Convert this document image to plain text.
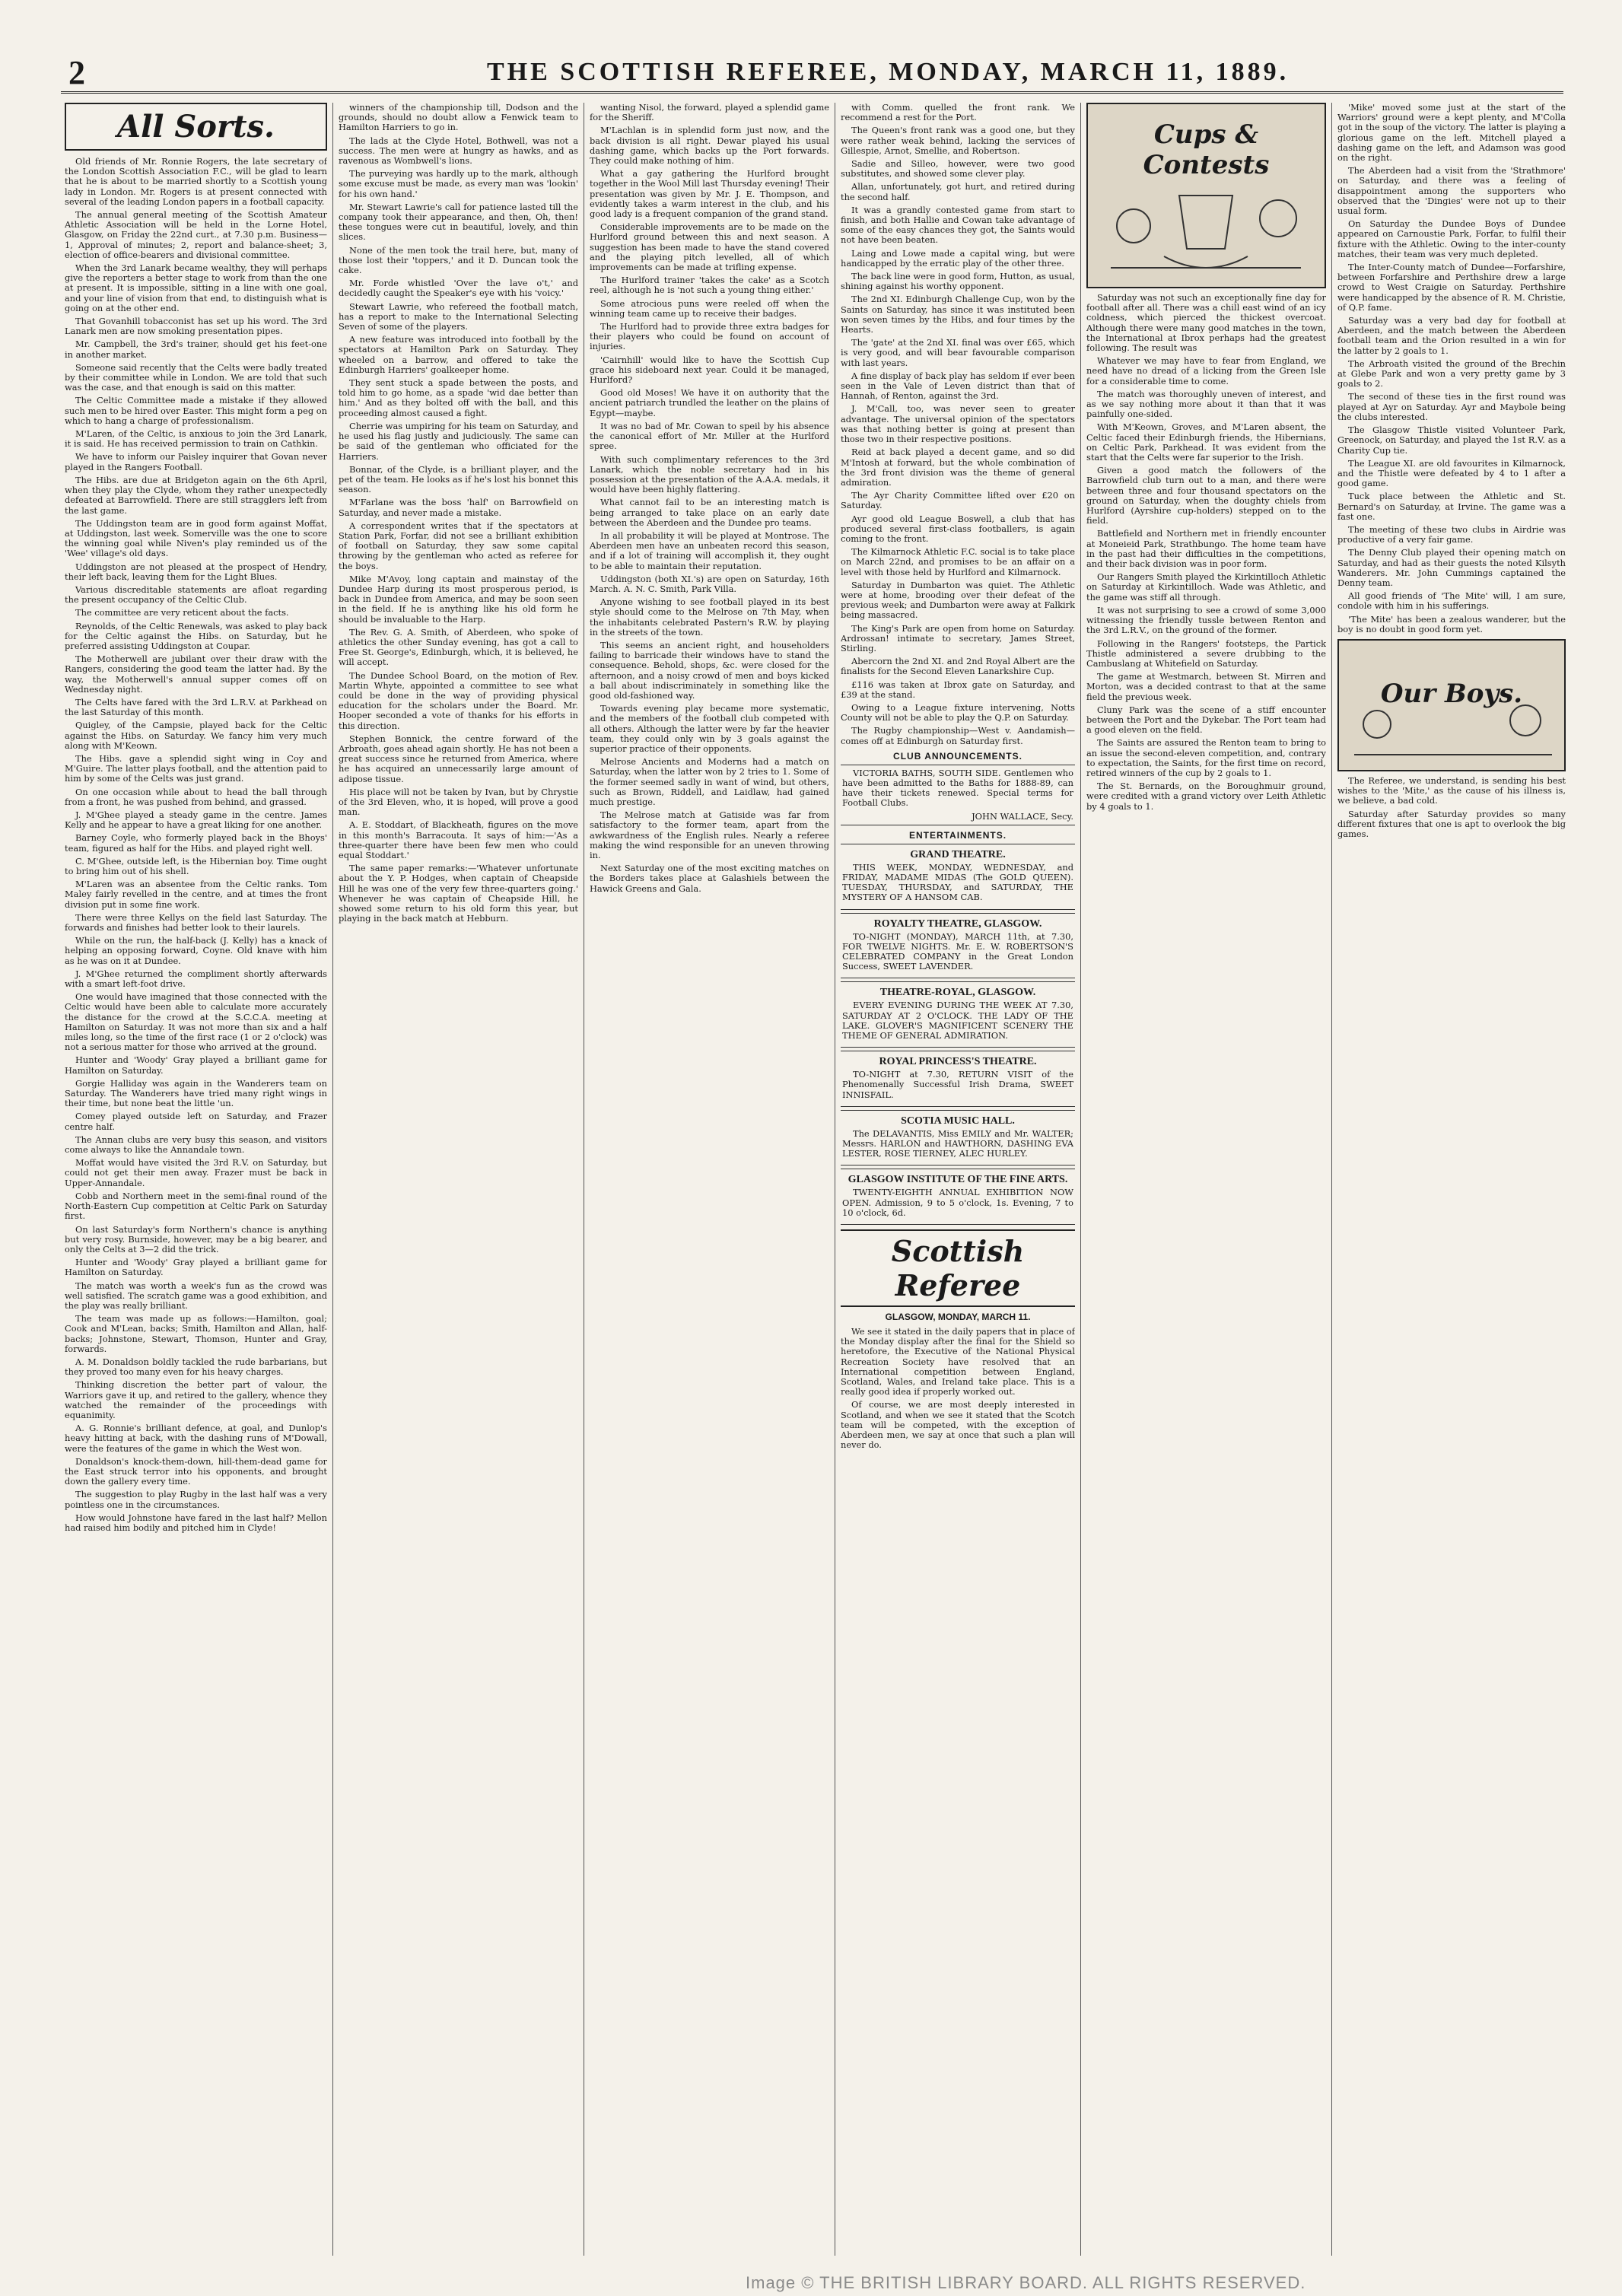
2	THE SCOTTISH REFEREE, MONDAY, MARCH 11, 1889.
All Sorts.

Old friends of Mr. Ronnie Rogers, the late secretary of the London Scottish Association F.C., will be glad to learn that he is about to be married shortly to a Scottish young lady in London. Mr. Rogers is at present connected with several of the leading London papers in a football capacity.

The annual general meeting of the Scottish Amateur Athletic Association will be held in the Lorne Hotel, Glasgow, on Friday the 22nd curt., at 7.30 p.m. Business—1, Approval of minutes; 2, report and balance-sheet; 3, election of office-bearers and divisional committee.

When the 3rd Lanark became wealthy, they will perhaps give the reporters a better stage to work from than the one at present. It is impossible, sitting in a line with one goal, and your line of vision from that end, to distinguish what is going on at the other end.

That Govanhill tobacconist has set up his word. The 3rd Lanark men are now smoking presentation pipes.

Mr. Campbell, the 3rd's trainer, should get his feet-one in another market.

Someone said recently that the Celts were badly treated by their committee while in London. We are told that such was the case, and that enough is said on this matter.

The Celtic Committee made a mistake if they allowed such men to be hired over Easter. This might form a peg on which to hang a charge of professionalism.

M'Laren, of the Celtic, is anxious to join the 3rd Lanark, it is said. He has received permission to train on Cathkin.

We have to inform our Paisley inquirer that Govan never played in the Rangers Football.

The Hibs. are due at Bridgeton again on the 6th April, when they play the Clyde, whom they rather unexpectedly defeated at Barrowfield. There are still stragglers left from the last game.

The Uddingston team are in good form against Moffat, at Uddingston, last week. Somerville was the one to score the winning goal while Niven's play reminded us of the 'Wee' village's old days.

Uddingston are not pleased at the prospect of Hendry, their left back, leaving them for the Light Blues.

Various discreditable statements are afloat regarding the present occupancy of the Celtic Club.

The committee are very reticent about the facts.

Reynolds, of the Celtic Renewals, was asked to play back for the Celtic against the Hibs. on Saturday, but he preferred assisting Uddingston at Coupar.

The Motherwell are jubilant over their draw with the Rangers, considering the good team the latter had. By the way, the Motherwell's annual supper comes off on Wednesday night.

The Celts have fared with the 3rd L.R.V. at Parkhead on the last Saturday of this month.

Quigley, of the Campsie, played back for the Celtic against the Hibs. on Saturday. We fancy him very much along with M'Keown.

The Hibs. gave a splendid sight wing in Coy and M'Guire. The latter plays football, and the attention paid to him by some of the Celts was just grand.

On one occasion while about to head the ball through from a front, he was pushed from behind, and grassed.

J. M'Ghee played a steady game in the centre. James Kelly and he appear to have a great liking for one another.

Barney Coyle, who formerly played back in the Bhoys' team, figured as half for the Hibs. and played right well.

C. M'Ghee, outside left, is the Hibernian boy. Time ought to bring him out of his shell.

M'Laren was an absentee from the Celtic ranks. Tom Maley fairly revelled in the centre, and at times the front division put in some fine work.

There were three Kellys on the field last Saturday. The forwards and finishes had better look to their laurels.

While on the run, the half-back (J. Kelly) has a knack of helping an opposing forward, Coyne. Old knave with him as he was on it at Dundee.

J. M'Ghee returned the compliment shortly afterwards with a smart left-foot drive.

One would have imagined that those connected with the Celtic would have been able to calculate more accurately the distance for the crowd at the S.C.C.A. meeting at Hamilton on Saturday. It was not more than six and a half miles long, so the time of the first race (1 or 2 o'clock) was not a serious matter for those who arrived at the ground.

Hunter and 'Woody' Gray played a brilliant game for Hamilton on Saturday.

Gorgie Halliday was again in the Wanderers team on Saturday. The Wanderers have tried many right wings in their time, but none beat the little 'un.

Comey played outside left on Saturday, and Frazer centre half.

The Annan clubs are very busy this season, and visitors come always to like the Annandale town.

Moffat would have visited the 3rd R.V. on Saturday, but could not get their men away. Frazer must be back in Upper-Annandale.

Cobb and Northern meet in the semi-final round of the North-Eastern Cup competition at Celtic Park on Saturday first.

On last Saturday's form Northern's chance is anything but very rosy. Burnside, however, may be a big bearer, and only the Celts at 3—2 did the trick.

Hunter and 'Woody' Gray played a brilliant game for Hamilton on Saturday.

The match was worth a week's fun as the crowd was well satisfied. The scratch game was a good exhibition, and the play was really brilliant.

The team was made up as follows:—Hamilton, goal; Cook and M'Lean, backs; Smith, Hamilton and Allan, half-backs; Johnstone, Stewart, Thomson, Hunter and Gray, forwards.

A. M. Donaldson boldly tackled the rude barbarians, but they proved too many even for his heavy charges.

Thinking discretion the better part of valour, the Warriors gave it up, and retired to the gallery, whence they watched the remainder of the proceedings with equanimity.

A. G. Ronnie's brilliant defence, at goal, and Dunlop's heavy hitting at back, with the dashing runs of M'Dowall, were the features of the game in which the West won.

Donaldson's knock-them-down, hill-them-dead game for the East struck terror into his opponents, and brought down the gallery every time.

The suggestion to play Rugby in the last half was a very pointless one in the circumstances.

How would Johnstone have fared in the last half? Mellon had raised him bodily and pitched him in Clyde!

winners of the championship till, Dodson and the grounds, should no doubt allow a Fenwick team to Hamilton Harriers to go in.

The lads at the Clyde Hotel, Bothwell, was not a success. The men were at hungry as hawks, and as ravenous as Wombwell's lions.

The purveying was hardly up to the mark, although some excuse must be made, as every man was 'lookin' for his own hand.'

Mr. Stewart Lawrie's call for patience lasted till the company took their appearance, and then, Oh, then! these tongues were cut in beautiful, lovely, and thin slices.

None of the men took the trail here, but, many of those lost their 'toppers,' and it D. Duncan took the cake.

Mr. Forde whistled 'Over the lave o't,' and decidedly caught the Speaker's eye with his 'voicy.'

Stewart Lawrie, who refereed the football match, has a report to make to the International Selecting Seven of some of the players.

A new feature was introduced into football by the spectators at Hamilton Park on Saturday. They wheeled on a barrow, and offered to take the Edinburgh Harriers' goalkeeper home.

They sent stuck a spade between the posts, and told him to go home, as a spade 'wid dae better than him.' And as they bolted off with the ball, and this proceeding almost caused a fight.

Cherrie was umpiring for his team on Saturday, and he used his flag justly and judiciously. The same can be said of the gentleman who officiated for the Harriers.

Bonnar, of the Clyde, is a brilliant player, and the pet of the team. He looks as if he's lost his bonnet this season.

M'Farlane was the boss 'half' on Barrowfield on Saturday, and never made a mistake.

A correspondent writes that if the spectators at Station Park, Forfar, did not see a brilliant exhibition of football on Saturday, they saw some capital throwing by the gentleman who acted as referee for the boys.

Mike M'Avoy, long captain and mainstay of the Dundee Harp during its most prosperous period, is back in Dundee from America, and may be soon seen in the field. If he is anything like his old form he should be invaluable to the Harp.

The Rev. G. A. Smith, of Aberdeen, who spoke of athletics the other Sunday evening, has got a call to Free St. George's, Edinburgh, which, it is believed, he will accept.

The Dundee School Board, on the motion of Rev. Martin Whyte, appointed a committee to see what could be done in the way of providing physical education for the scholars under the Board. Mr. Hooper seconded a vote of thanks for his efforts in this direction.

Stephen Bonnick, the centre forward of the Arbroath, goes ahead again shortly. He has not been a great success since he returned from America, where he has acquired an unnecessarily large amount of adipose tissue.

His place will not be taken by Ivan, but by Chrystie of the 3rd Eleven, who, it is hoped, will prove a good man.

A. E. Stoddart, of Blackheath, figures on the move in this month's Barracouta. It says of him:—'As a three-quarter there have been few men who could equal Stoddart.'

The same paper remarks:—'Whatever unfortunate about the Y. P. Hodges, when captain of Cheapside Hill he was one of the very few three-quarters going.' Whenever he was captain of Cheapside Hill, he showed some return to his old form this year, but playing in the back match at Hebburn.

wanting Nisol, the forward, played a splendid game for the Sheriff.

M'Lachlan is in splendid form just now, and the back division is all right. Dewar played his usual dashing game, which backs up the Port forwards. They could make nothing of him.

What a gay gathering the Hurlford brought together in the Wool Mill last Thursday evening! Their presentation was given by Mr. J. E. Thompson, and evidently takes a warm interest in the club, and his good lady is a frequent companion of the grand stand.

Considerable improvements are to be made on the Hurlford ground between this and next season. A suggestion has been made to have the stand covered and the playing pitch levelled, all of which improvements can be made at trifling expense.

The Hurlford trainer 'takes the cake' as a Scotch reel, although he is 'not such a young thing either.'

Some atrocious puns were reeled off when the winning team came up to receive their badges.

The Hurlford had to provide three extra badges for their players who could be found on account of injuries.

'Cairnhill' would like to have the Scottish Cup grace his sideboard next year. Could it be managed, Hurlford?

Good old Moses! We have it on authority that the ancient patriarch trundled the leather on the plains of Egypt—maybe.

It was no bad of Mr. Cowan to speil by his absence the canonical effort of Mr. Miller at the Hurlford spree.

With such complimentary references to the 3rd Lanark, which the noble secretary had in his possession at the presentation of the A.A.A. medals, it would have been highly flattering.

What cannot fail to be an interesting match is being arranged to take place on an early date between the Aberdeen and the Dundee pro teams.

In all probability it will be played at Montrose. The Aberdeen men have an unbeaten record this season, and if a lot of training will accomplish it, they ought to be able to maintain their reputation.

Uddingston (both XI.'s) are open on Saturday, 16th March. A. N. C. Smith, Park Villa.

Anyone wishing to see football played in its best style should come to the Melrose on 7th May, when the inhabitants celebrated Pastern's R.W. by playing in the streets of the town.

This seems an ancient right, and householders failing to barricade their windows have to stand the consequence. Behold, shops, &c. were closed for the afternoon, and a noisy crowd of men and boys kicked a ball about indiscriminately in something like the good old-fashioned way.

Towards evening play became more systematic, and the members of the football club competed with all others. Although the latter were by far the heavier team, they could only win by 3 goals against the superior practice of their opponents.

Melrose Ancients and Moderns had a match on Saturday, when the latter won by 2 tries to 1. Some of the former seemed sadly in want of wind, but others, such as Brown, Riddell, and Laidlaw, had gained much prestige.

The Melrose match at Gatiside was far from satisfactory to the former team, apart from the awkwardness of the English rules. Nearly a referee making the wind responsible for an uneven throwing in.

Next Saturday one of the most exciting matches on the Borders takes place at Galashiels between the Hawick Greens and Gala.

with Comm. quelled the front rank. We recommend a rest for the Port.

The Queen's front rank was a good one, but they were rather weak behind, lacking the services of Gillespie, Arnot, Smellie, and Robertson.

Sadie and Silleo, however, were two good substitutes, and showed some clever play.

Allan, unfortunately, got hurt, and retired during the second half.

It was a grandly contested game from start to finish, and both Hallie and Cowan take advantage of some of the easy chances they got, the Saints would not have been beaten.

Laing and Lowe made a capital wing, but were handicapped by the erratic play of the other three.

The back line were in good form, Hutton, as usual, shining against his worthy opponent.

The 2nd XI. Edinburgh Challenge Cup, won by the Saints on Saturday, has since it was instituted been won seven times by the Hibs, and four times by the Hearts.

The 'gate' at the 2nd XI. final was over £65, which is very good, and will bear favourable comparison with last years.

A fine display of back play has seldom if ever been seen in the Vale of Leven district than that of Hannah, of Renton, against the 3rd.

J. M'Call, too, was never seen to greater advantage. The universal opinion of the spectators was that nothing better is going at present than those two in their respective positions.

Reid at back played a decent game, and so did M'Intosh at forward, but the whole combination of the 3rd front division was the theme of general admiration.

The Ayr Charity Committee lifted over £20 on Saturday.

Ayr good old League Boswell, a club that has produced several first-class footballers, is again coming to the front.

The Kilmarnock Athletic F.C. social is to take place on March 22nd, and promises to be an affair on a level with those held by Hurlford and Kilmarnock.

Saturday in Dumbarton was quiet. The Athletic were at home, brooding over their defeat of the previous week; and Dumbarton were away at Falkirk being massacred.

The King's Park are open from home on Saturday. Ardrossan! intimate to secretary, James Street, Stirling.

Abercorn the 2nd XI. and 2nd Royal Albert are the finalists for the Second Eleven Lanarkshire Cup.

£116 was taken at Ibrox gate on Saturday, and £39 at the stand.

Owing to a League fixture intervening, Notts County will not be able to play the Q.P. on Saturday.

The Rugby championship—West v. Aandamish—comes off at Edinburgh on Saturday first.

CLUB ANNOUNCEMENTS.

VICTORIA BATHS, SOUTH SIDE. Gentlemen who have been admitted to the Baths for 1888-89, can have their tickets renewed. Special terms for Football Clubs.

JOHN WALLACE, Secy.
ENTERTAINMENTS.
GRAND THEATRE.

THIS WEEK, MONDAY, WEDNESDAY, and FRIDAY, MADAME MIDAS (The GOLD QUEEN). TUESDAY, THURSDAY, and SATURDAY, THE MYSTERY OF A HANSOM CAB.

ROYALTY THEATRE, GLASGOW.

TO-NIGHT (MONDAY), MARCH 11th, at 7.30, FOR TWELVE NIGHTS. Mr. E. W. ROBERTSON'S CELEBRATED COMPANY in the Great London Success, SWEET LAVENDER.

THEATRE-ROYAL, GLASGOW.

EVERY EVENING DURING THE WEEK AT 7.30, SATURDAY AT 2 O'CLOCK. THE LADY OF THE LAKE. GLOVER'S MAGNIFICENT SCENERY THE THEME OF GENERAL ADMIRATION.

ROYAL PRINCESS'S THEATRE.

TO-NIGHT at 7.30, RETURN VISIT of the Phenomenally Successful Irish Drama, SWEET INNISFAIL.

SCOTIA MUSIC HALL.

The DELAVANTIS, Miss EMILY and Mr. WALTER; Messrs. HARLON and HAWTHORN, DASHING EVA LESTER, ROSE TIERNEY, ALEC HURLEY.

GLASGOW INSTITUTE OF THE FINE ARTS.

TWENTY-EIGHTH ANNUAL EXHIBITION NOW OPEN. Admission, 9 to 5 o'clock, 1s. Evening, 7 to 10 o'clock, 6d.

Scottish Referee
GLASGOW, MONDAY, MARCH 11.

We see it stated in the daily papers that in place of the Monday display after the final for the Shield so heretofore, the Executive of the National Physical Recreation Society have resolved that an International competition between England, Scotland, Wales, and Ireland take place. This is a really good idea if properly worked out.

Of course, we are most deeply interested in Scotland, and when we see it stated that the Scotch team will be competed, with the exception of Aberdeen men, we say at once that such a plan will never do.

Cups & Contests

Saturday was not such an exceptionally fine day for football after all. There was a chill east wind of an icy coldness, which pierced the thickest overcoat. Although there were many good matches in the town, the International at Ibrox perhaps had the greatest following. The result was

Whatever we may have to fear from England, we need have no dread of a licking from the Green Isle for a considerable time to come.

The match was thoroughly uneven of interest, and as we say nothing more about it than that it was painfully one-sided.

With M'Keown, Groves, and M'Laren absent, the Celtic faced their Edinburgh friends, the Hibernians, on Celtic Park, Parkhead. It was evident from the start that the Celts were far superior to the Irish.

Given a good match the followers of the Barrowfield club turn out to a man, and there were between three and four thousand spectators on the ground on Saturday, when the doughty chiels from Hurlford (Ayrshire cup-holders) stepped on to the field.

Battlefield and Northern met in friendly encounter at Moneieid Park, Strathbungo. The home team have in the past had their difficulties in the competitions, and their back division was in poor form.

Our Rangers Smith played the Kirkintilloch Athletic on Saturday at Kirkintilloch. Wade was Athletic, and the game was stiff all through.

It was not surprising to see a crowd of some 3,000 witnessing the friendly tussle between Renton and the 3rd L.R.V., on the ground of the former.

Following in the Rangers' footsteps, the Partick Thistle administered a severe drubbing to the Cambuslang at Whitefield on Saturday.

The game at Westmarch, between St. Mirren and Morton, was a decided contrast to that at the same field the previous week.

Cluny Park was the scene of a stiff encounter between the Port and the Dykebar. The Port team had a good eleven on the field.

The Saints are assured the Renton team to bring to an issue the second-eleven competition, and, contrary to expectation, the Saints, for the first time on record, retired winners of the cup by 2 goals to 1.

The St. Bernards, on the Boroughmuir ground, were credited with a grand victory over Leith Athletic by 4 goals to 1.

'Mike' moved some just at the start of the Warriors' ground were a kept plenty, and M'Colla got in the soup of the victory. The latter is playing a glorious game on the left. Mitchell played a dashing game on the left, and Adamson was good on the right.

The Aberdeen had a visit from the 'Strathmore' on Saturday, and there was a feeling of disappointment among the supporters who observed that the 'Dingies' were not up to their usual form.

On Saturday the Dundee Boys of Dundee appeared on Carnoustie Park, Forfar, to fulfil their fixture with the Athletic. Owing to the inter-county matches, their team was very much depleted.

The Inter-County match of Dundee—Forfarshire, between Forfarshire and Perthshire drew a large crowd to West Craigie on Saturday. Perthshire were handicapped by the absence of R. M. Christie, of Q.P. fame.

Saturday was a very bad day for football at Aberdeen, and the match between the Aberdeen football team and the Orion resulted in a win for the latter by 2 goals to 1.

The Arbroath visited the ground of the Brechin at Glebe Park and won a very pretty game by 3 goals to 2.

The second of these ties in the first round was played at Ayr on Saturday. Ayr and Maybole being the clubs interested.

The Glasgow Thistle visited Volunteer Park, Greenock, on Saturday, and played the 1st R.V. as a Charity Cup tie.

The League XI. are old favourites in Kilmarnock, and the Thistle were defeated by 4 to 1 after a good game.

Tuck place between the Athletic and St. Bernard's on Saturday, at Irvine. The game was a fast one.

The meeting of these two clubs in Airdrie was productive of a very fair game.

The Denny Club played their opening match on Saturday, and had as their guests the noted Kilsyth Wanderers. Mr. John Cummings captained the Denny team.

All good friends of 'The Mite' will, I am sure, condole with him in his sufferings.

'The Mite' has been a zealous wanderer, but the boy is no doubt in good form yet.

Our Boys.

The Referee, we understand, is sending his best wishes to the 'Mite,' as the cause of his illness is, we believe, a bad cold.

Saturday after Saturday provides so many different fixtures that one is apt to overlook the big games.

Image © THE BRITISH LIBRARY BOARD. ALL RIGHTS RESERVED.
